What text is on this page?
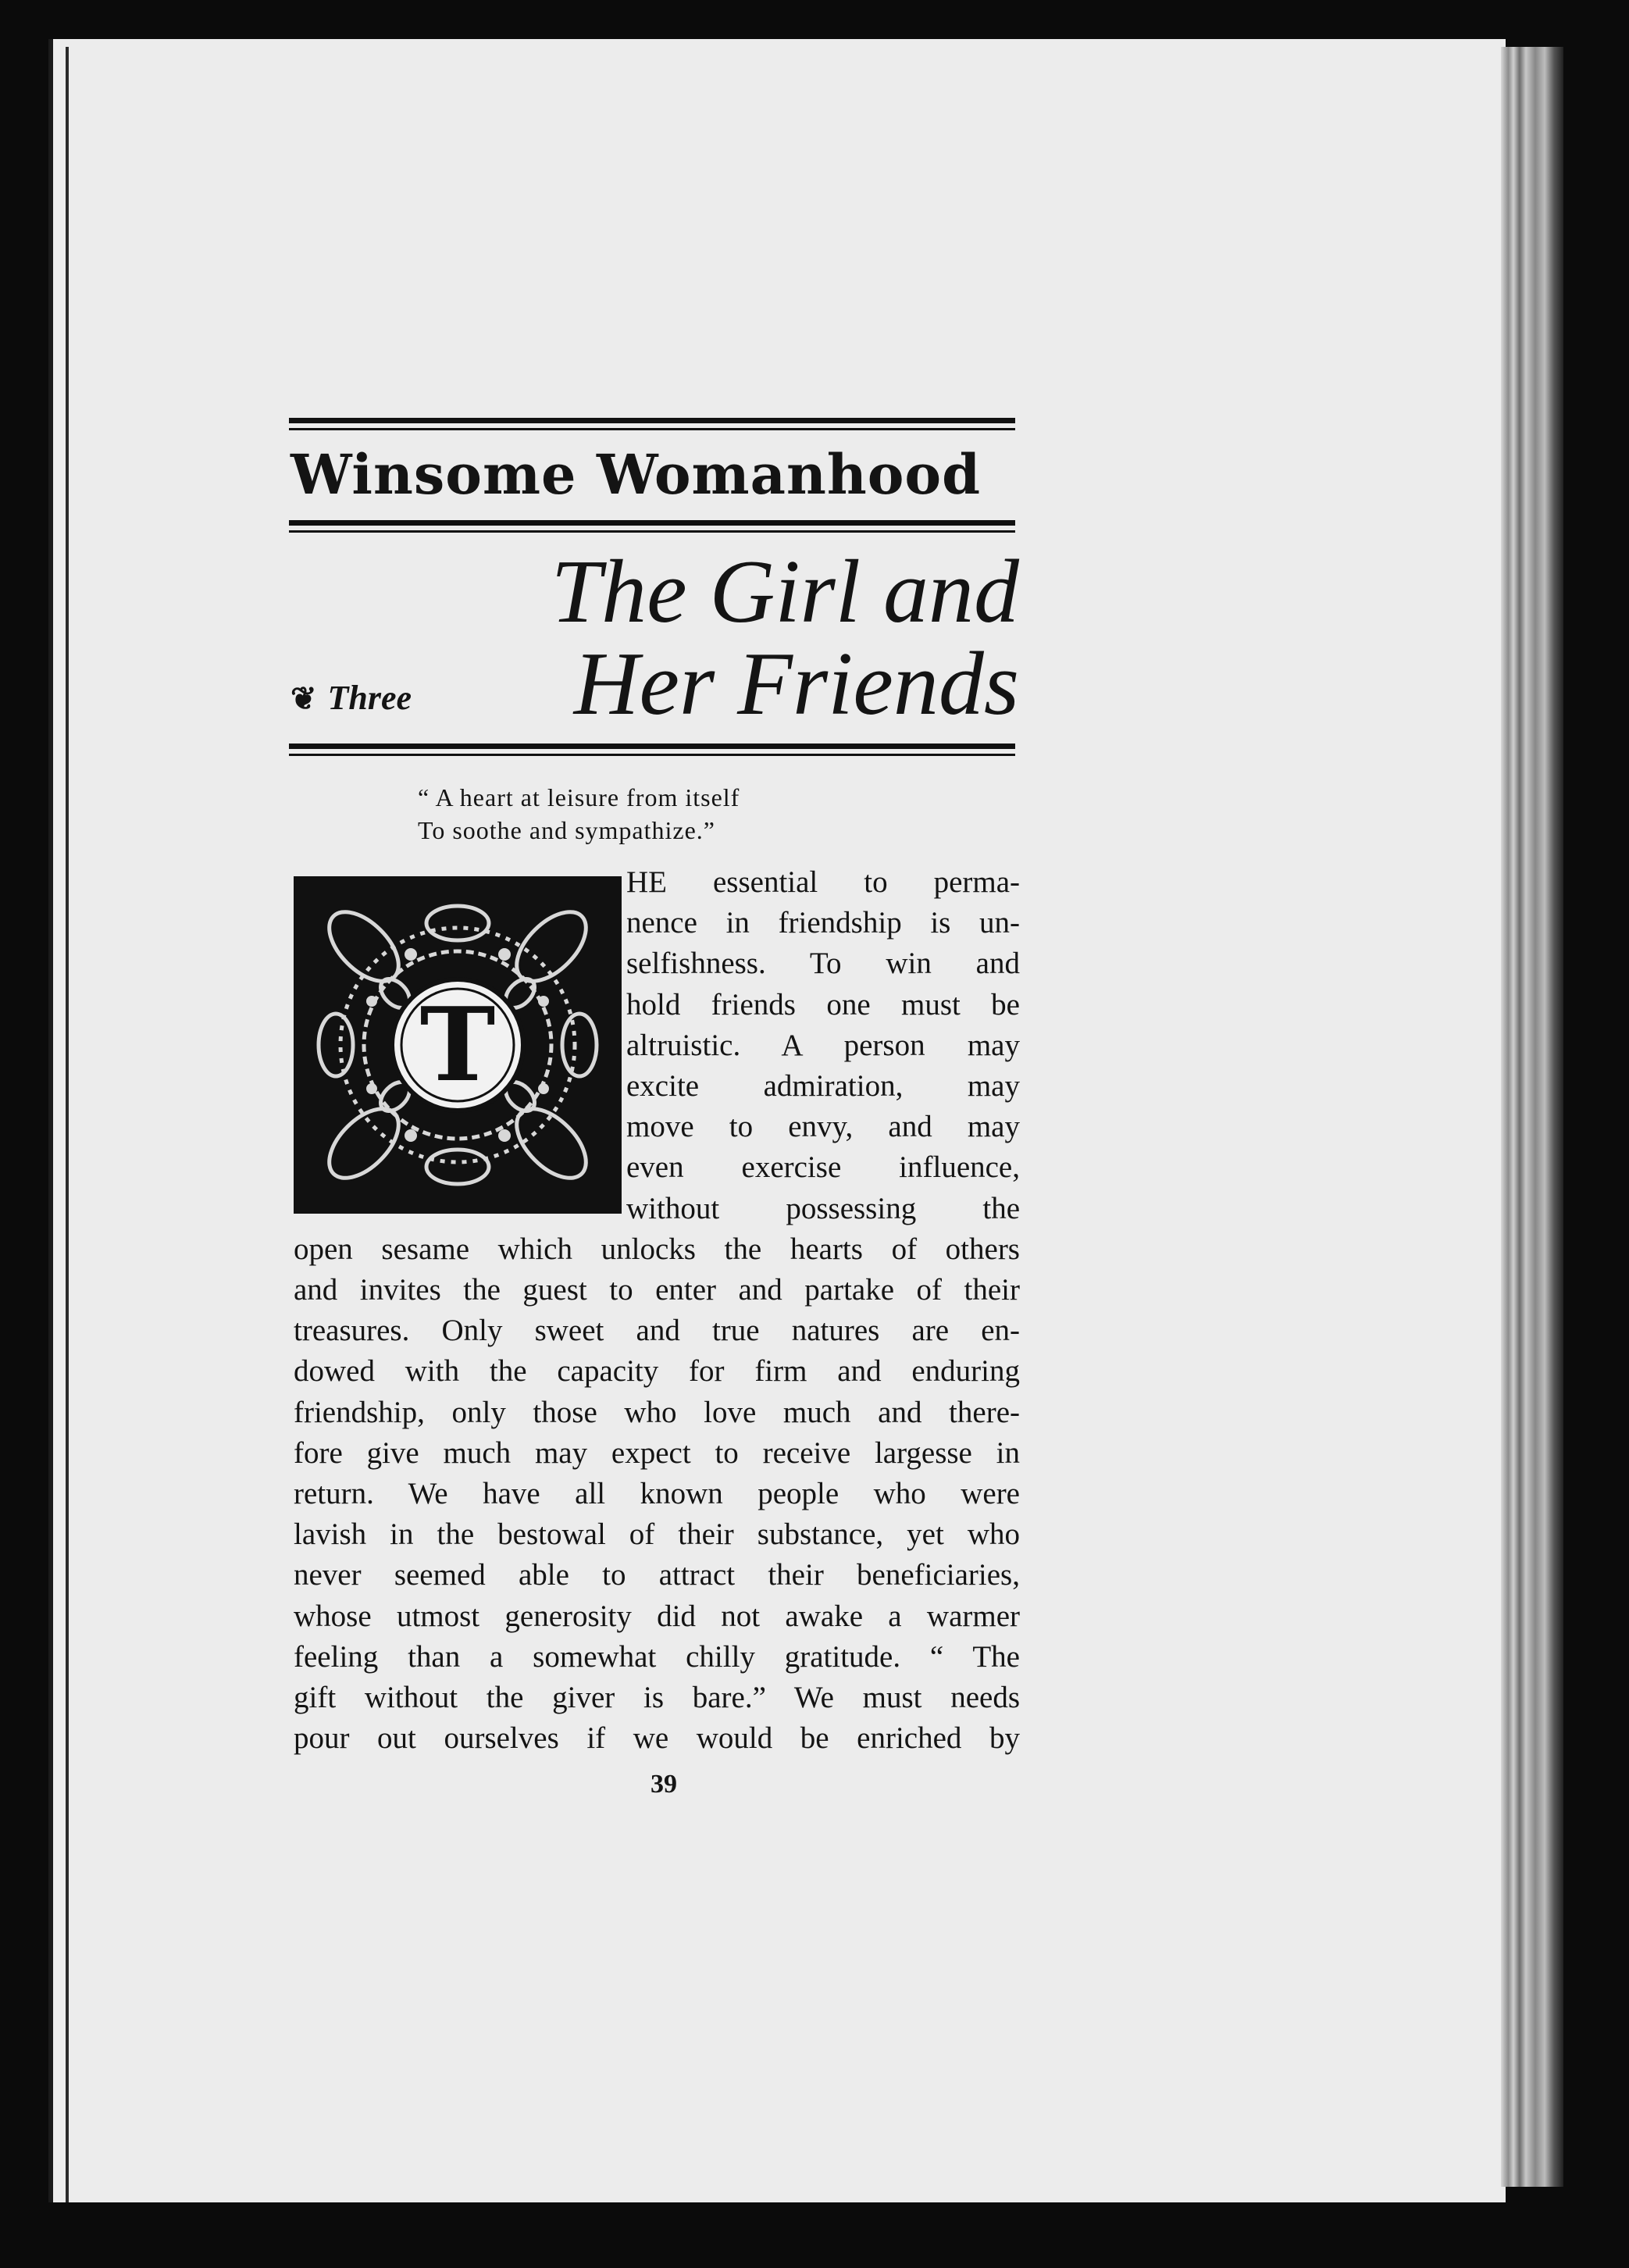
Winsome Womanhood
The Girl and
Her Friends
❦ Three
“ A heart at leisure from itself
To soothe and sympathize.”
T
HE essential to perma-
nence in friendship is un-
selfishness. To win and
hold friends one must be
altruistic. A person may
excite admiration, may
move to envy, and may
even exercise influence,
without possessing the
open sesame which unlocks the hearts of others
and invites the guest to enter and partake of their
treasures. Only sweet and true natures are en-
dowed with the capacity for firm and enduring
friendship, only those who love much and there-
fore give much may expect to receive largesse in
return. We have all known people who were
lavish in the bestowal of their substance, yet who
never seemed able to attract their beneficiaries,
whose utmost generosity did not awake a warmer
feeling than a somewhat chilly gratitude. “ The
gift without the giver is bare.” We must needs
pour out ourselves if we would be enriched by
39
